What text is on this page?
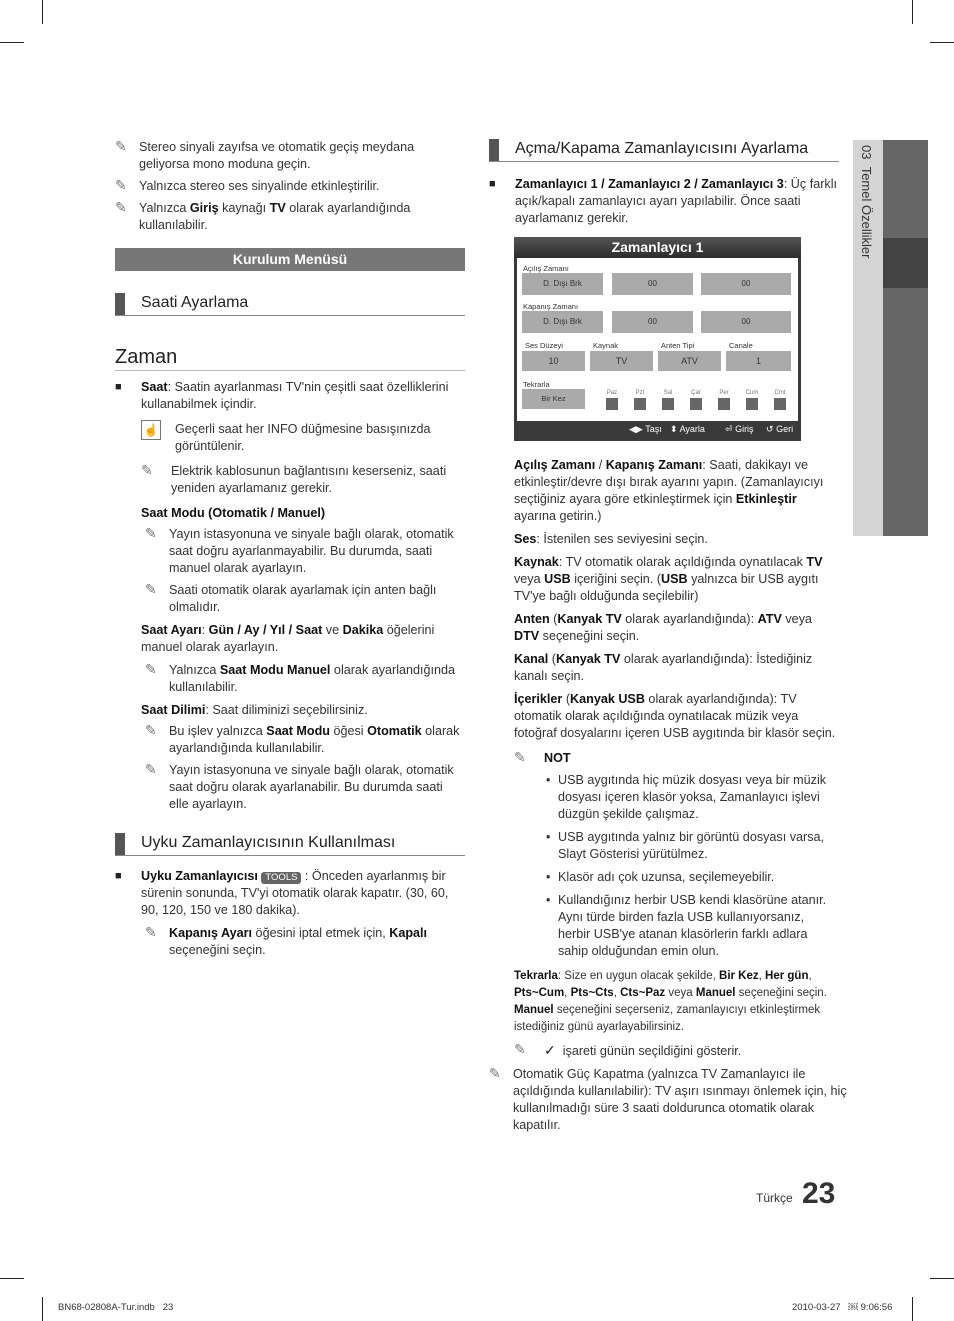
03  Temel Özellikler
✎ Stereo sinyali zayıfsa ve otomatik geçiş meydana geliyorsa mono moduna geçin.
✎ Yalnızca stereo ses sinyalinde etkinleştirilir.
✎ Yalnızca Giriş kaynağı TV olarak ayarlandığında kullanılabilir.
Kurulum Menüsü
Saati Ayarlama
Zaman
■ Saat: Saatin ayarlanması TV'nin çeşitli saat özelliklerini kullanabilmek içindir.
☝ Geçerli saat her INFO düğmesine basışınızda görüntülenir.
✎ Elektrik kablosunun bağlantısını keserseniz, saati yeniden ayarlamanız gerekir.
Saat Modu (Otomatik / Manuel)
✎ Yayın istasyonuna ve sinyale bağlı olarak, otomatik saat doğru ayarlanmayabilir. Bu durumda, saati manuel olarak ayarlayın.
✎ Saati otomatik olarak ayarlamak için anten bağlı olmalıdır.
Saat Ayarı: Gün / Ay / Yıl / Saat ve Dakika öğelerini manuel olarak ayarlayın.
✎ Yalnızca Saat Modu Manuel olarak ayarlandığında kullanılabilir.
Saat Dilimi: Saat diliminizi seçebilirsiniz.
✎ Bu işlev yalnızca Saat Modu öğesi Otomatik olarak ayarlandığında kullanılabilir.
✎ Yayın istasyonuna ve sinyale bağlı olarak, otomatik saat doğru olarak ayarlanabilir. Bu durumda saati elle ayarlayın.
Uyku Zamanlayıcısının Kullanılması
■ Uyku Zamanlayıcısı TOOLS : Önceden ayarlanmış bir sürenin sonunda, TV'yi otomatik olarak kapatır. (30, 60, 90, 120, 150 ve 180 dakika).
✎ Kapanış Ayarı öğesini iptal etmek için, Kapalı seçeneğini seçin.
Açma/Kapama Zamanlayıcısını Ayarlama
■ Zamanlayıcı 1 / Zamanlayıcı 2 / Zamanlayıcı 3: Üç farklı açık/kapalı zamanlayıcı ayarı yapılabilir. Önce saati ayarlamanız gerekir.
Zamanlayıcı 1
Açılış Zamanı
D. Dışı Brk	00	00
Kapanış Zamanı
D. Dışı Brk	00	00
Ses Düzeyi	Kaynak	Anten Tipi	Canale
10	TV	ATV	1
Tekrarla
Bir Kez
Paz	Pzt	Sal	Çar	Per	Cum	Cmt
◀▶ Taşı ⬍ Ayarla ⏎ Giriş ↺ Geri
Açılış Zamanı / Kapanış Zamanı: Saati, dakikayı ve etkinleştir/devre dışı bırak ayarını yapın. (Zamanlayıcıyı seçtiğiniz ayara göre etkinleştirmek için Etkinleştir ayarına getirin.)
Ses: İstenilen ses seviyesini seçin.
Kaynak: TV otomatik olarak açıldığında oynatılacak TV veya USB içeriğini seçin. (USB yalnızca bir USB aygıtı TV'ye bağlı olduğunda seçilebilir)
Anten (Kanyak TV olarak ayarlandığında): ATV veya DTV seçeneğini seçin.
Kanal (Kanyak TV olarak ayarlandığında): İstediğiniz kanalı seçin.
İçerikler (Kanyak USB olarak ayarlandığında): TV otomatik olarak açıldığında oynatılacak müzik veya fotoğraf dosyalarını içeren USB aygıtında bir klasör seçin.
✎ NOT
• USB aygıtında hiç müzik dosyası veya bir müzik dosyası içeren klasör yoksa, Zamanlayıcı işlevi düzgün şekilde çalışmaz.
• USB aygıtında yalnız bir görüntü dosyası varsa, Slayt Gösterisi yürütülmez.
• Klasör adı çok uzunsa, seçilemeyebilir.
• Kullandığınız herbir USB kendi klasörüne atanır. Aynı türde birden fazla USB kullanıyorsanız, herbir USB'ye atanan klasörlerin farklı adlara sahip olduğundan emin olun.
Tekrarla: Size en uygun olacak şekilde, Bir Kez, Her gün, Pts~Cum, Pts~Cts, Cts~Paz veya Manuel seçeneğini seçin. Manuel seçeneğini seçerseniz, zamanlayıcıyı etkinleştirmek istediğiniz günü ayarlayabilirsiniz.
✎ ✓ işareti günün seçildiğini gösterir.
✎ Otomatik Güç Kapatma (yalnızca TV Zamanlayıcı ile açıldığında kullanılabilir): TV aşırı ısınmayı önlemek için, hiç kullanılmadığı süre 3 saati doldurunca otomatik olarak kapatılır.
Türkçe 23
BN68-02808A-Tur.indb   23	2010-03-27   ￼ 9:06:56
